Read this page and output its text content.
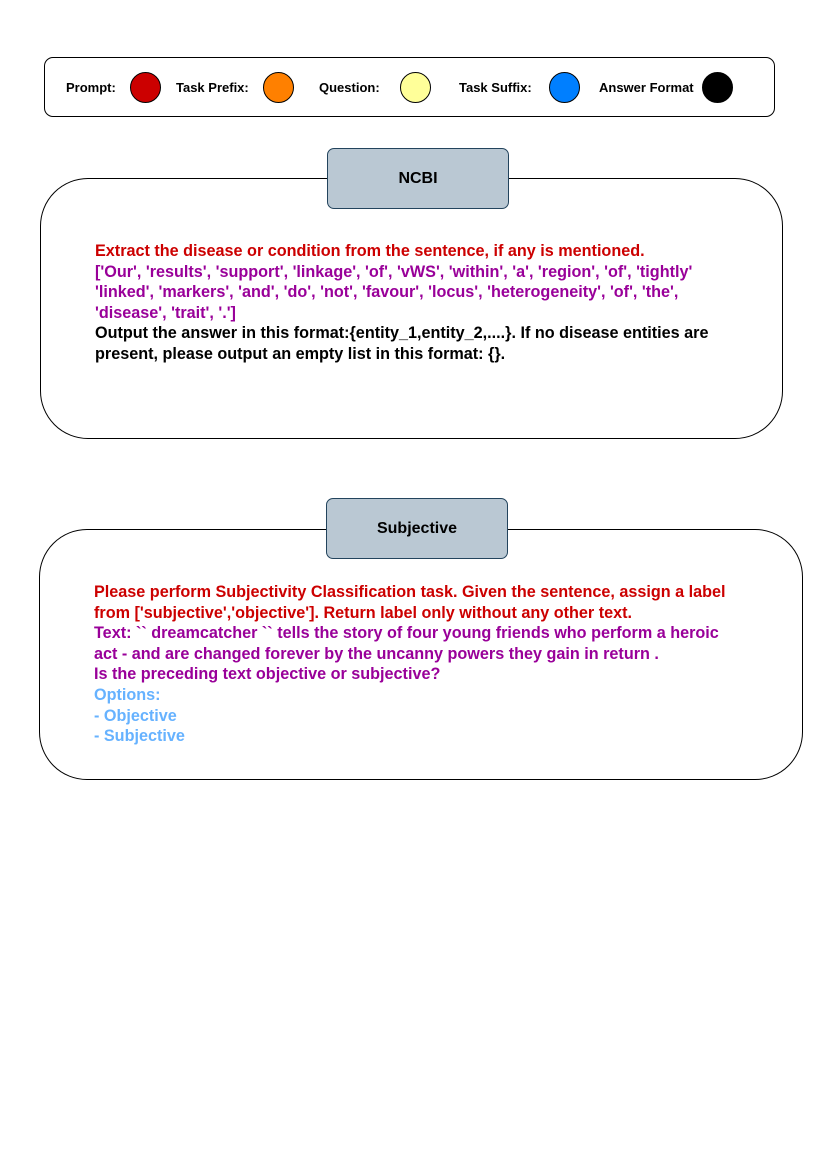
Prompt:	Task Prefix:	Question:	Task Suffix:	Answer Format
NCBI

Extract the disease or condition from the sentence, if any is mentioned.

['Our', 'results', 'support', 'linkage', 'of', 'vWS', 'within', 'a', 'region', 'of', 'tightly'

'linked', 'markers', 'and', 'do', 'not', 'favour', 'locus', 'heterogeneity', 'of', 'the',

'disease', 'trait', '.']

Output the answer in this format:{entity_1,entity_2,....}. If no disease entities are

present, please output an empty list in this format: {}.

Subjective

Please perform Subjectivity Classification task. Given the sentence, assign a label

from ['subjective','objective']. Return label only without any other text.

Text: `` dreamcatcher `` tells the story of four young friends who perform a heroic

act - and are changed forever by the uncanny powers they gain in return .

Is the preceding text objective or subjective?

Options:

- Objective

- Subjective
